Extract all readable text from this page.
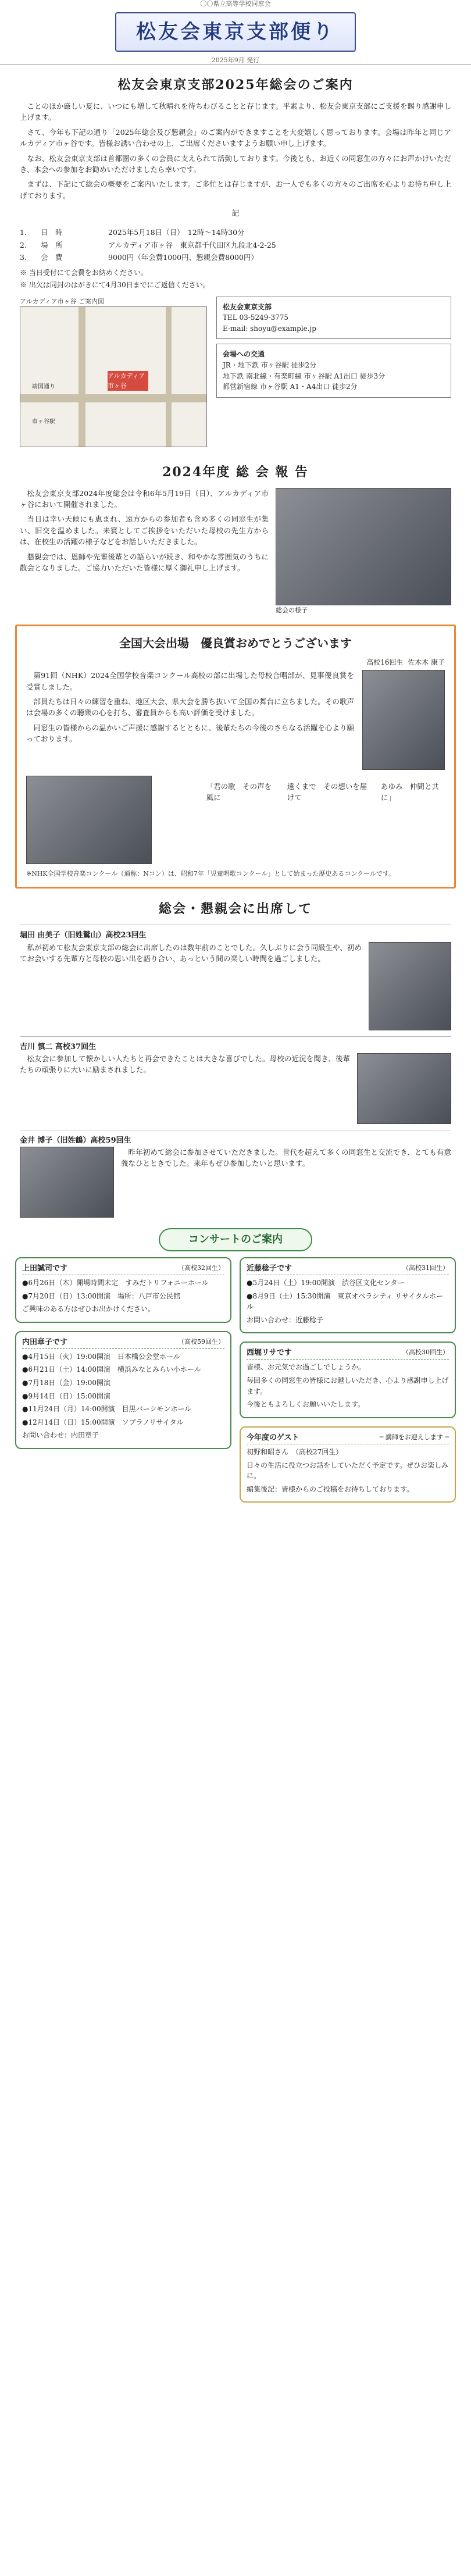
〇〇県立高等学校同窓会
松友会東京支部便り
2025年9月 発行
松友会東京支部2025年総会のご案内

ことのほか厳しい夏に、いつにも増して秋晴れを待ちわびることと存じます。平素より、松友会東京支部にご支援を賜り感謝申し上げます。

さて、今年も下記の通り「2025年総会及び懇親会」のご案内ができますことを大変嬉しく思っております。会場は昨年と同じアルカディア市ヶ谷です。皆様お誘い合わせの上、ご出席くださいますようお願い申し上げます。

なお、松友会東京支部は首都圏の多くの会員に支えられて活動しております。今後とも、お近くの同窓生の方々にお声かけいただき、本会への参加をお勧めいただけましたら幸いです。

まずは、下記にて総会の概要をご案内いたします。ご多忙とは存じますが、お一人でも多くの方々のご出席を心よりお待ち申し上げております。

記
1.	日　時	2025年5月18日（日）　12時〜14時30分
2.	場　所	アルカディア市ヶ谷　東京都千代田区九段北4-2-25
3.	会　費	9000円（年会費1000円、懇親会費8000円）
※ 当日受付にて会費をお納めください。
※ 出欠は同封のはがきにて4月30日までにご返信ください。
アルカディア市ヶ谷 ご案内図
アルカディア市ヶ谷
市ヶ谷駅
靖国通り
松友会東京支部
TEL 03-5249-3775
E-mail: shoyu@example.jp
会場への交通
JR・地下鉄 市ヶ谷駅 徒歩2分
地下鉄 南北線・有楽町線 市ヶ谷駅 A1出口 徒歩3分
都営新宿線 市ヶ谷駅 A1・A4出口 徒歩2分
2024年度 総 会 報 告

松友会東京支部2024年度総会は令和6年5月19日（日）、アルカディア市ヶ谷において開催されました。

当日は幸い天候にも恵まれ、遠方からの参加者も含め多くの同窓生が集い、旧交を温めました。来賓としてご挨拶をいただいた母校の先生方からは、在校生の活躍の様子などをお話しいただきました。

懇親会では、恩師や先輩後輩との語らいが続き、和やかな雰囲気のうちに散会となりました。ご協力いただいた皆様に厚く御礼申し上げます。

総会の様子
全国大会出場　優良賞おめでとうございます
高校16回生
佐木木 康子

第91回（NHK）2024全国学校音楽コンクール高校の部に出場した母校合唱部が、見事優良賞を受賞しました。

部員たちは日々の練習を重ね、地区大会、県大会を勝ち抜いて全国の舞台に立ちました。その歌声は会場の多くの聴衆の心を打ち、審査員からも高い評価を受けました。

同窓生の皆様からの温かいご声援に感謝するとともに、後輩たちの今後のさらなる活躍を心より願っております。

「君の歌　その声を風に
遠くまで　その想いを届けて
あゆみ　仲間と共に」
※NHK全国学校音楽コンクール（通称：Nコン）は、昭和7年「児童唱歌コンクール」として始まった歴史あるコンクールです。
総会・懇親会に出席して
堀田 由美子（旧姓鷲山）高校23回生

私が初めて松友会東京支部の総会に出席したのは数年前のことでした。久しぶりに会う同級生や、初めてお会いする先輩方と母校の思い出を語り合い、あっという間の楽しい時間を過ごしました。

吉川 慎二 高校37回生

松友会に参加して懐かしい人たちと再会できたことは大きな喜びでした。母校の近況を聞き、後輩たちの頑張りに大いに励まされました。

金井 博子（旧姓鶴）高校59回生

昨年初めて総会に参加させていただきました。世代を超えて多くの同窓生と交流でき、とても有意義なひとときでした。来年もぜひ参加したいと思います。

コンサートのご案内
上田誠司です	（高校32回生）
●6月26日（木）開場時間未定　すみだトリフォニーホール
●7月20日（日）13:00開演　場所：八戸市公民館
ご興味のある方はぜひお出かけください。
内田章子です	（高校59回生）
●4月15日（火）19:00開演　日本橋公会堂ホール
●6月21日（土）14:00開演　横浜みなとみらい小ホール
●7月18日（金）19:00開演
●9月14日（日）15:00開演
●11月24日（月）14:00開演　目黒パーシモンホール
●12月14日（日）15:00開演　ソプラノリサイタル
お問い合わせ：内田章子
近藤稔子です	（高校31回生）
●5月24日（土）19:00開演　渋谷区文化センター
●8月9日（土）15:30開演　東京オペラシティ リサイタルホール
お問い合わせ：近藤稔子
西堀リサです	（高校30回生）
皆様、お元気でお過ごしでしょうか。
毎回多くの同窓生の皆様にお越しいただき、心より感謝申し上げます。
今後ともよろしくお願いいたします。
今年度のゲスト	─ 講師をお迎えします ─
初野和昭さん　（高校27回生）
日々の生活に役立つお話をしていただく予定です。ぜひお楽しみに。
編集後記：皆様からのご投稿をお待ちしております。
